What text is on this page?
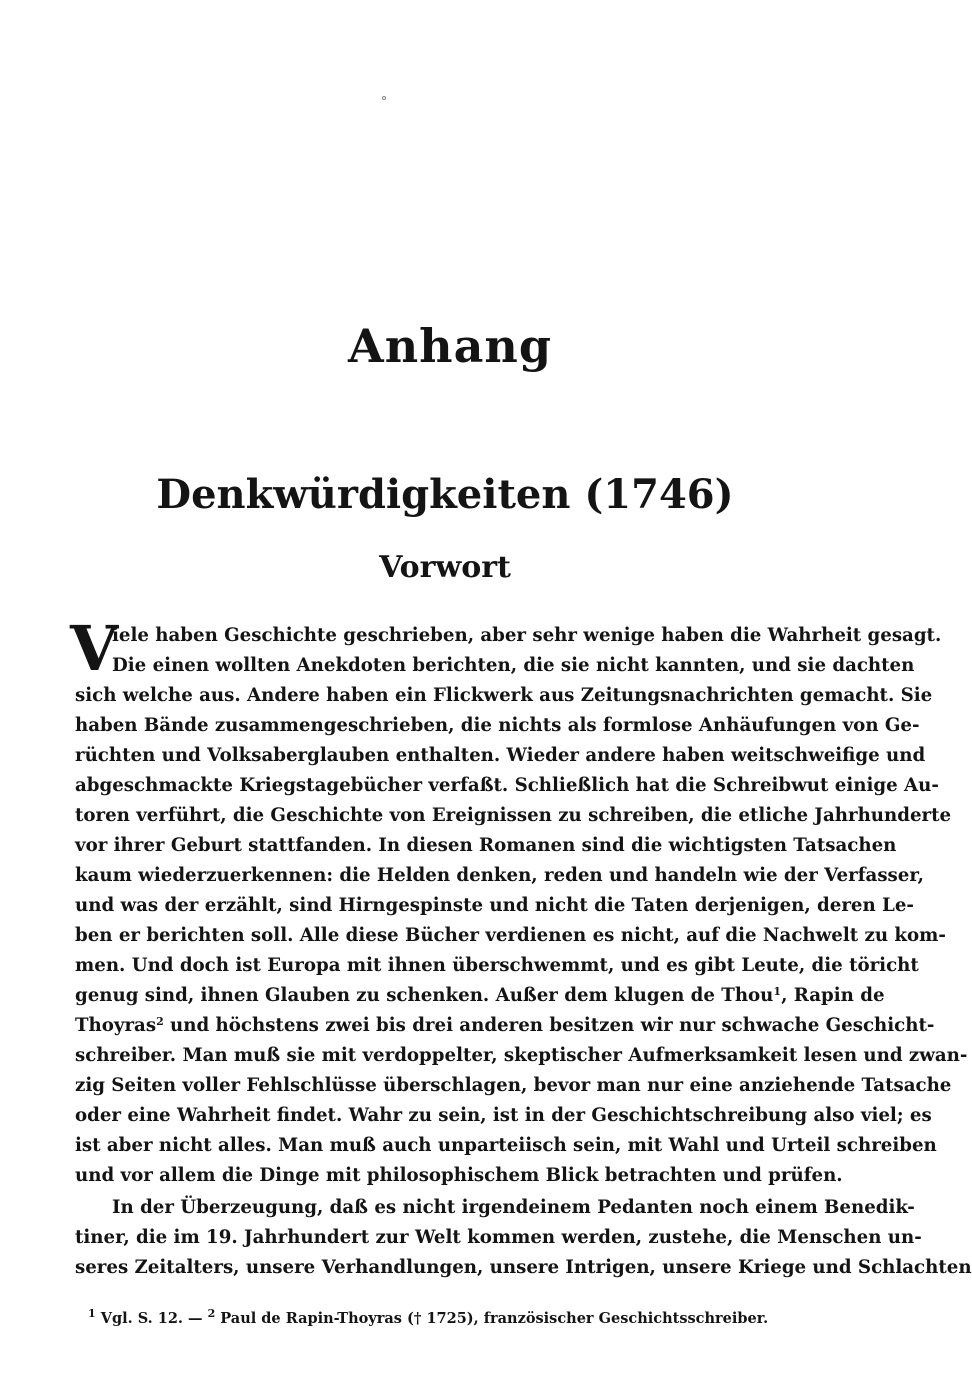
Anhang
Denkwürdigkeiten (1746)
Vorwort
V
iele haben Geschichte geschrieben, aber sehr wenige haben die Wahrheit gesagt.
Die einen wollten Anekdoten berichten, die sie nicht kannten, und sie dachten
sich welche aus. Andere haben ein Flickwerk aus Zeitungsnachrichten gemacht. Sie
haben Bände zusammengeschrieben, die nichts als formlose Anhäufungen von Ge-
rüchten und Volksaberglauben enthalten. Wieder andere haben weitschweifige und
abgeschmackte Kriegstagebücher verfaßt. Schließlich hat die Schreibwut einige Au-
toren verführt, die Geschichte von Ereignissen zu schreiben, die etliche Jahrhunderte
vor ihrer Geburt stattfanden. In diesen Romanen sind die wichtigsten Tatsachen
kaum wiederzuerkennen: die Helden denken, reden und handeln wie der Verfasser,
und was der erzählt, sind Hirngespinste und nicht die Taten derjenigen, deren Le-
ben er berichten soll. Alle diese Bücher verdienen es nicht, auf die Nachwelt zu kom-
men. Und doch ist Europa mit ihnen überschwemmt, und es gibt Leute, die töricht
genug sind, ihnen Glauben zu schenken. Außer dem klugen de Thou$^1$, Rapin de
Thoyras$^2$ und höchstens zwei bis drei anderen besitzen wir nur schwache Geschicht-
schreiber. Man muß sie mit verdoppelter, skeptischer Aufmerksamkeit lesen und zwan-
zig Seiten voller Fehlschlüsse überschlagen, bevor man nur eine anziehende Tatsache
oder eine Wahrheit findet. Wahr zu sein, ist in der Geschichtschreibung also viel; es
ist aber nicht alles. Man muß auch unparteiisch sein, mit Wahl und Urteil schreiben
und vor allem die Dinge mit philosophischem Blick betrachten und prüfen.
In der Überzeugung, daß es nicht irgendeinem Pedanten noch einem Benedik-
tiner, die im 19. Jahrhundert zur Welt kommen werden, zustehe, die Menschen un-
seres Zeitalters, unsere Verhandlungen, unsere Intrigen, unsere Kriege und Schlachten
$^1$ Vgl. S. 12. — $^2$ Paul de Rapin-Thoyras († 1725), französischer Geschichtsschreiber.
